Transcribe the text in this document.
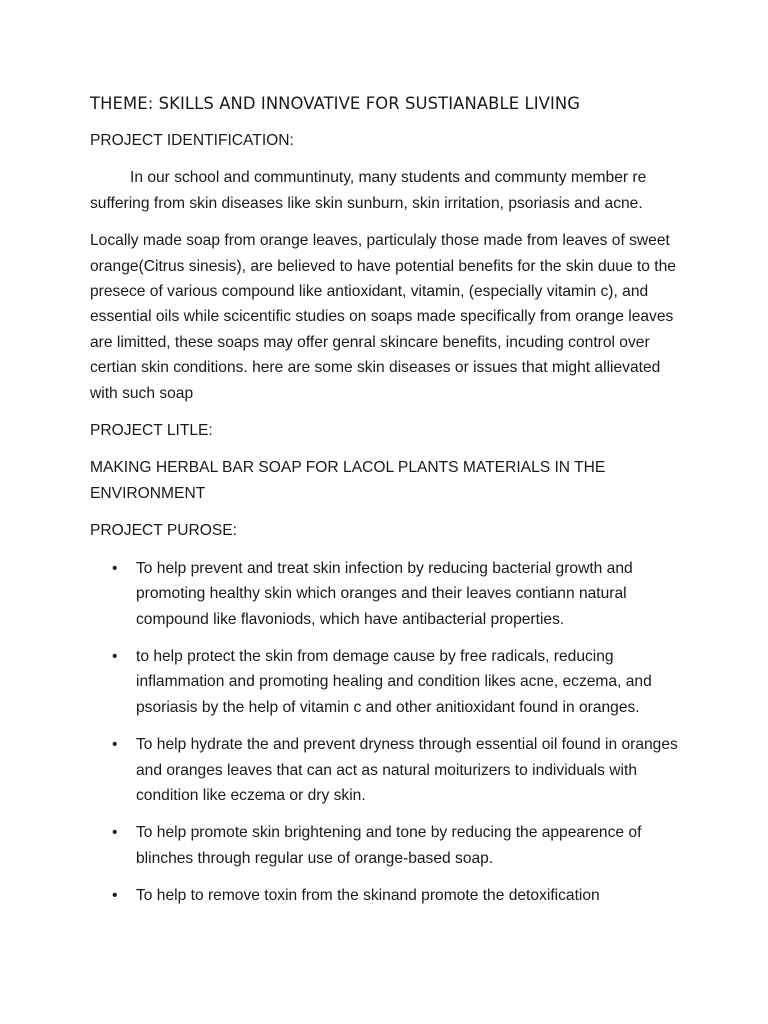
THEME: SKILLS AND INNOVATIVE FOR SUSTIANABLE LIVING

PROJECT IDENTIFICATION:

In our school and communtinuty, many students and communty member re suffering from skin diseases like skin sunburn, skin irritation, psoriasis and acne.

Locally made soap from orange leaves, particulaly those made from leaves of sweet orange(Citrus sinesis), are believed to have potential benefits for the skin duue to the presece of various compound like antioxidant, vitamin, (especially vitamin c), and essential oils while scicentific studies on soaps made specifically from orange leaves are limitted, these soaps may offer genral skincare benefits, incuding control over certian skin conditions. here are some skin diseases or issues that might allievated with such soap

PROJECT LITLE:

MAKING HERBAL BAR SOAP FOR LACOL PLANTS MATERIALS IN THE ENVIRONMENT

PROJECT PUROSE:

• To help prevent and treat skin infection by reducing bacterial growth and promoting healthy skin which oranges and their leaves contiann natural compound like flavoniods, which have antibacterial properties.
• to help protect the skin from demage cause by free radicals, reducing inflammation and promoting healing and condition likes acne, eczema, and psoriasis by the help of vitamin c and other anitioxidant found in oranges.
• To help hydrate the and prevent dryness through essential oil found in oranges and oranges leaves that can act as natural moiturizers to individuals with condition like eczema or dry skin.
• To help promote skin brightening and tone by reducing the appearence of blinches through regular use of orange-based soap.
• To help to remove toxin from the skinand promote the detoxification
